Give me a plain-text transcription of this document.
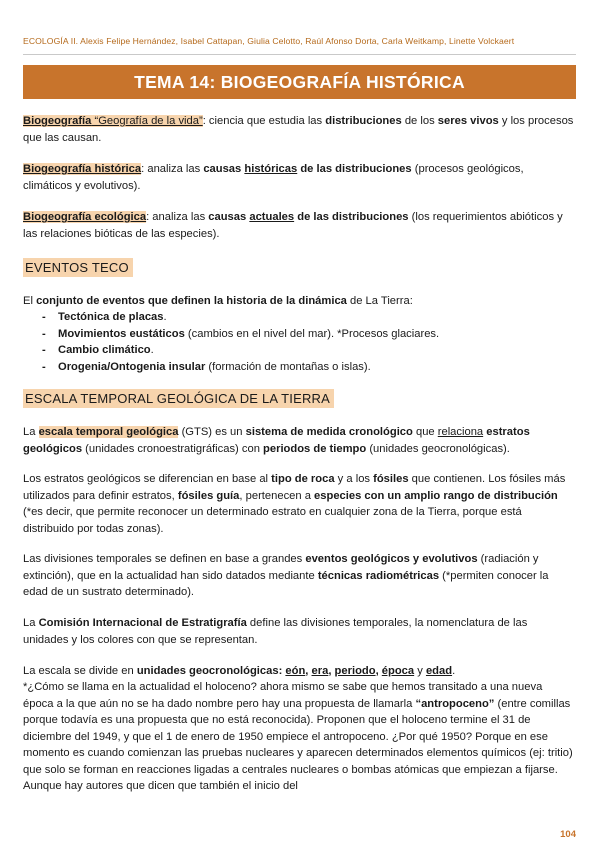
ECOLOGÍA II. Alexis Felipe Hernández, Isabel Cattapan, Giulia Celotto, Raúl Afonso Dorta, Carla Weitkamp, Linette Volckaert
TEMA 14: BIOGEOGRAFÍA HISTÓRICA
Biogeografía “Geografía de la vida”: ciencia que estudia las distribuciones de los seres vivos y los procesos que las causan.
Biogeografía histórica: analiza las causas históricas de las distribuciones (procesos geológicos, climáticos y evolutivos).
Biogeografía ecológica: analiza las causas actuales de las distribuciones (los requerimientos abióticos y las relaciones bióticas de las especies).
EVENTOS TECO
El conjunto de eventos que definen la historia de la dinámica de La Tierra:
- Tectónica de placas.
- Movimientos eustáticos (cambios en el nivel del mar). *Procesos glaciares.
- Cambio climático.
- Orogenia/Ontogenia insular (formación de montañas o islas).
ESCALA TEMPORAL GEOLÓGICA DE LA TIERRA
La escala temporal geológica (GTS) es un sistema de medida cronológico que relaciona estratos geológicos (unidades cronoestratigráficas) con periodos de tiempo (unidades geocronológicas).
Los estratos geológicos se diferencian en base al tipo de roca y a los fósiles que contienen. Los fósiles más utilizados para definir estratos, fósiles guía, pertenecen a especies con un amplio rango de distribución (*es decir, que permite reconocer un determinado estrato en cualquier zona de la Tierra, porque está distribuido por todas zonas).
Las divisiones temporales se definen en base a grandes eventos geológicos y evolutivos (radiación y extinción), que en la actualidad han sido datados mediante técnicas radiométricas (*permiten conocer la edad de un sustrato determinado).
La Comisión Internacional de Estratigrafía define las divisiones temporales, la nomenclatura de las unidades y los colores con que se representan.
La escala se divide en unidades geocronológicas: eón, era, periodo, época y edad.
*¿Cómo se llama en la actualidad el holoceno? ahora mismo se sabe que hemos transitado a una nueva época a la que aún no se ha dado nombre pero hay una propuesta de llamarla “antropoceno” (entre comillas porque todavía es una propuesta que no está reconocida). Proponen que el holoceno termine el 31 de diciembre del 1949, y que el 1 de enero de 1950 empiece el antropoceno. ¿Por qué 1950? Porque en ese momento es cuando comienzan las pruebas nucleares y aparecen determinados elementos químicos (ej: tritio) que solo se forman en reacciones ligadas a centrales nucleares o bombas atómicas que empiezan a fijarse. Aunque hay autores que dicen que también el inicio del
104
